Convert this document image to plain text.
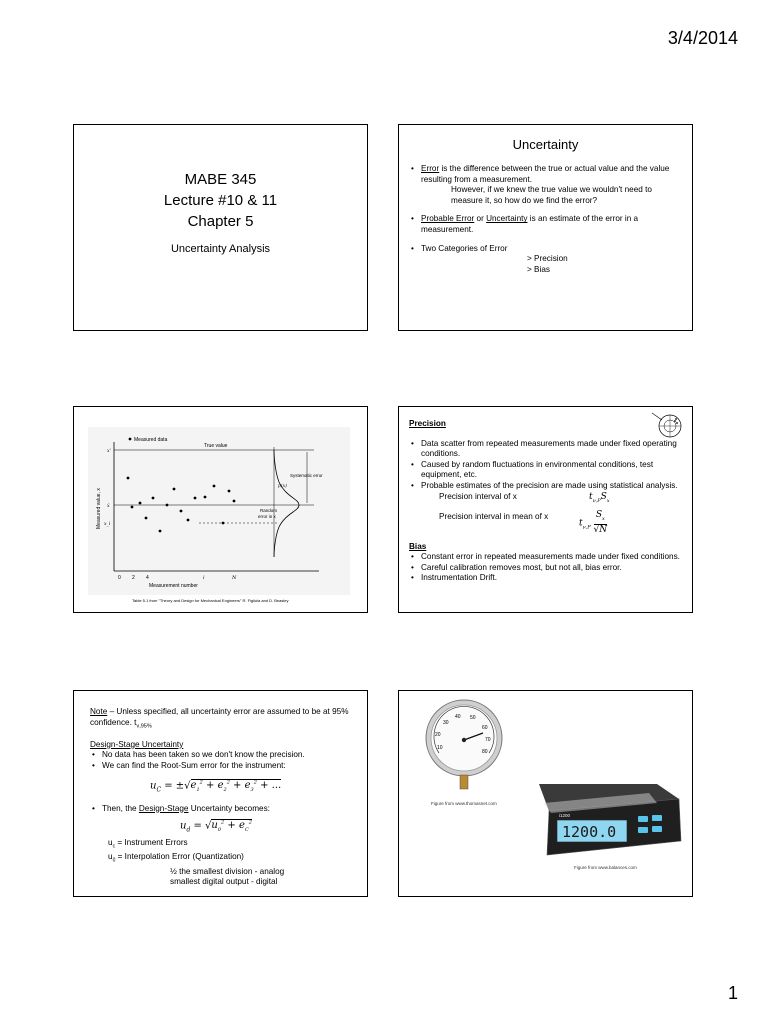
3/4/2014
MABE 345
Lecture #10 & 11
Chapter 5
Uncertainty Analysis
Uncertainty
• Error is the difference between the true or actual value and the value resulting from a measurement.
However, if we knew the true value we wouldn't need to measure it, so how do we find the error?
• Probable Error or Uncertainty is an estimate of the error in a measurement.
• Two Categories of Error
> Precision
> Bias
Measured data
True value
Systematic error
p(x)
Random
error in x
Measured value, x
Measurement number
0 2 4	i	N
x'
x̄
x_i
Table 5.1 from "Theory and Design for Mechanical Engineers" R. Figliola and D. Beasley
Precision
• Data scatter from repeated measurements made under fixed operating conditions.
• Caused by random fluctuations in environmental conditions, test equipment, etc.
• Probable estimates of the precision are made using statistical analysis.
Precision interval of x	$t_{\nu,P}S_x$
Precision interval in mean of x
$t_{\nu,P} \frac{S_x}{√N}$
Bias
• Constant error in repeated measurements made under fixed conditions.
• Careful calibration removes most, but not all, bias error.
• Instrumentation Drift.
Note – Unless specified, all uncertainty error are assumed to be at 95% confidence. $t_{\nu,95\%}$
Design-Stage Uncertainty
• No data has been taken so we don't know the precision.
• We can find the Root-Sum error for the instrument:
$u_C = \pm√e_1^2 + e_2^2 + e_3^2$ + ...
• Then, the Design-Stage Uncertainty becomes:
$u_d = √u_0^2 + e_C^2$
$u_c$ = Instrument Errors
$u_0$ = Interpolation Error (Quantization)
½ the smallest division - analog
smallest digital output - digital
10
20
30
40 50
60
70
80
Figure from www.thomasnet.com
1200.0
i1200
Figure from www.balances.com
1
